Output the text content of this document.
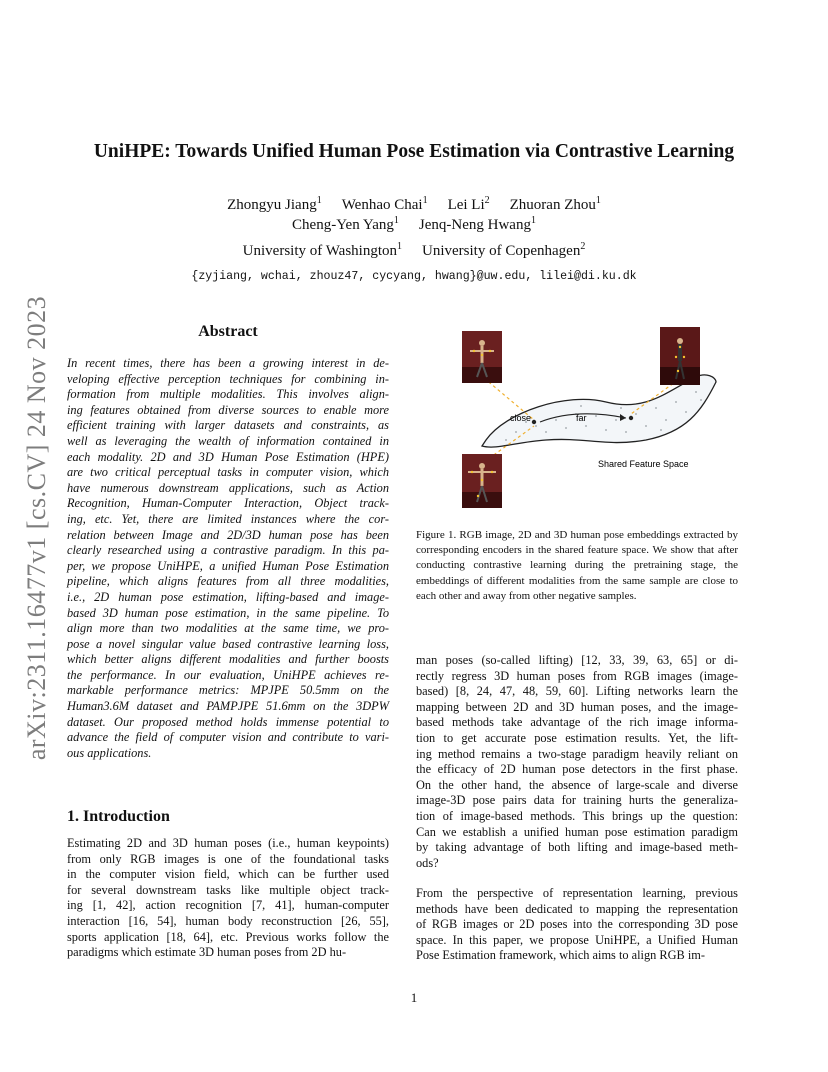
arXiv:2311.16477v1 [cs.CV] 24 Nov 2023
UniHPE: Towards Unified Human Pose Estimation via Contrastive Learning
Zhongyu Jiang$^1$ Wenhao Chai$^1$ Lei Li$^2$ Zhuoran Zhou$^1$
Cheng-Yen Yang$^1$ Jenq-Neng Hwang$^1$
University of Washington$^1$ University of Copenhagen$^2$
{zyjiang, wchai, zhouz47, cycyang, hwang}@uw.edu, lilei@di.ku.dk
Abstract
In recent times, there has been a growing interest in de-
veloping effective perception techniques for combining in-
formation from multiple modalities. This involves align-
ing features obtained from diverse sources to enable more
efficient training with larger datasets and constraints, as
well as leveraging the wealth of information contained in
each modality. 2D and 3D Human Pose Estimation (HPE)
are two critical perceptual tasks in computer vision, which
have numerous downstream applications, such as Action
Recognition, Human-Computer Interaction, Object track-
ing, etc. Yet, there are limited instances where the cor-
relation between Image and 2D/3D human pose has been
clearly researched using a contrastive paradigm. In this pa-
per, we propose UniHPE, a unified Human Pose Estimation
pipeline, which aligns features from all three modalities,
i.e., 2D human pose estimation, lifting-based and image-
based 3D human pose estimation, in the same pipeline. To
align more than two modalities at the same time, we pro-
pose a novel singular value based contrastive learning loss,
which better aligns different modalities and further boosts
the performance. In our evaluation, UniHPE achieves re-
markable performance metrics: MPJPE 50.5mm on the
Human3.6M dataset and PAMPJPE 51.6mm on the 3DPW
dataset. Our proposed method holds immense potential to
advance the field of computer vision and contribute to vari-
ous applications.
1. Introduction
Estimating 2D and 3D human poses (i.e., human keypoints)
from only RGB images is one of the foundational tasks
in the computer vision field, which can be further used
for several downstream tasks like multiple object track-
ing [1, 42], action recognition [7, 41], human-computer
interaction [16, 54], human body reconstruction [26, 55],
sports application [18, 64], etc. Previous works follow the
paradigms which estimate 3D human poses from 2D hu-
close	far
Shared Feature Space
Figure 1. RGB image, 2D and 3D human pose embeddings extracted by corresponding encoders in the shared feature space. We show that after conducting contrastive learning during the pretraining stage, the embeddings of different modalities from the same sample are close to each other and away from other negative samples.
man poses (so-called lifting) [12, 33, 39, 63, 65] or di-
rectly regress 3D human poses from RGB images (image-
based) [8, 24, 47, 48, 59, 60]. Lifting networks learn the
mapping between 2D and 3D human poses, and the image-
based methods take advantage of the rich image informa-
tion to get accurate pose estimation results. Yet, the lift-
ing method remains a two-stage paradigm heavily reliant on
the efficacy of 2D human pose detectors in the first phase.
On the other hand, the absence of large-scale and diverse
image-3D pose pairs data for training hurts the generaliza-
tion of image-based methods. This brings up the question:
Can we establish a unified human pose estimation paradigm
by taking advantage of both lifting and image-based meth-
ods?
From the perspective of representation learning, previous
methods have been dedicated to mapping the representation
of RGB images or 2D poses into the corresponding 3D pose
space. In this paper, we propose UniHPE, a Unified Human
Pose Estimation framework, which aims to align RGB im-
1
